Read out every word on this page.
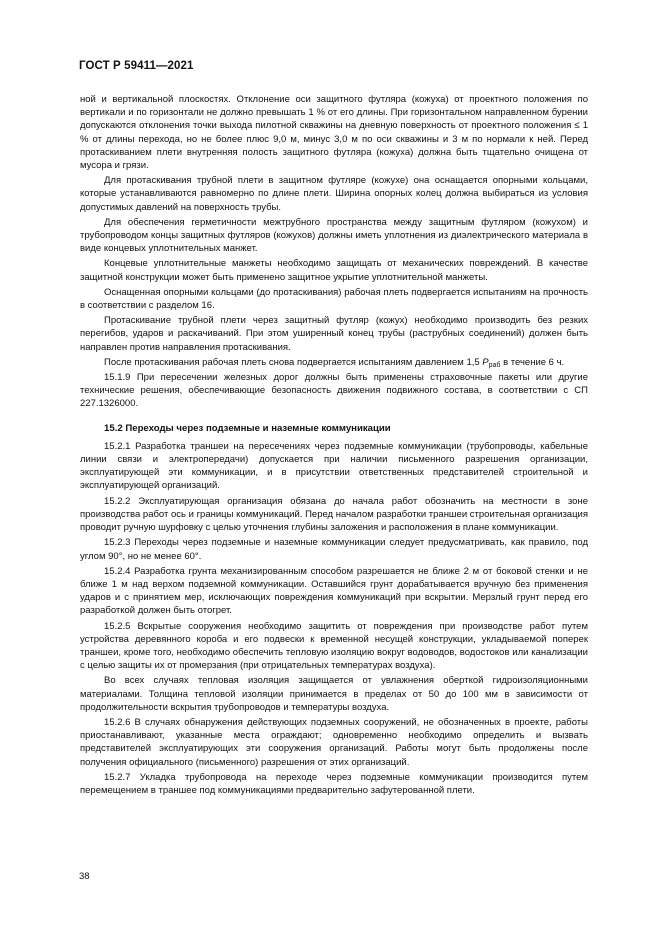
ГОСТ Р 59411—2021

ной и вертикальной плоскостях. Отклонение оси защитного футляра (кожуха) от проектного положения по вертикали и по горизонтали не должно превышать 1 % от его длины. При горизонтальном направленном бурении допускаются отклонения точки выхода пилотной скважины на дневную поверхность от проектного положения ≤ 1 % от длины перехода, но не более плюс 9,0 м, минус 3,0 м по оси скважины и 3 м по нормали к ней. Перед протаскиванием плети внутренняя полость защитного футляра (кожуха) должна быть тщательно очищена от мусора и грязи.

Для протаскивания трубной плети в защитном футляре (кожухе) она оснащается опорными кольцами, которые устанавливаются равномерно по длине плети. Ширина опорных колец должна выбираться из условия допустимых давлений на поверхность трубы.

Для обеспечения герметичности межтрубного пространства между защитным футляром (кожухом) и трубопроводом концы защитных футляров (кожухов) должны иметь уплотнения из диэлектрического материала в виде концевых уплотнительных манжет.

Концевые уплотнительные манжеты необходимо защищать от механических повреждений. В качестве защитной конструкции может быть применено защитное укрытие уплотнительной манжеты.

Оснащенная опорными кольцами (до протаскивания) рабочая плеть подвергается испытаниям на прочность в соответствии с разделом 16.

Протаскивание трубной плети через защитный футляр (кожух) необходимо производить без резких перегибов, ударов и раскачиваний. При этом уширенный конец трубы (раструбных соединений) должен быть направлен против направления протаскивания.

После протаскивания рабочая плеть снова подвергается испытаниям давлением 1,5 $P_{раб}$ в течение 6 ч.

15.1.9 При пересечении железных дорог должны быть применены страховочные пакеты или другие технические решения, обеспечивающие безопасность движения подвижного состава, в соответствии с СП 227.1326000.

15.2 Переходы через подземные и наземные коммуникации

15.2.1 Разработка траншеи на пересечениях через подземные коммуникации (трубопроводы, кабельные линии связи и электропередачи) допускается при наличии письменного разрешения организации, эксплуатирующей эти коммуникации, и в присутствии ответственных представителей строительной и эксплуатирующей организаций.

15.2.2 Эксплуатирующая организация обязана до начала работ обозначить на местности в зоне производства работ ось и границы коммуникаций. Перед началом разработки траншеи строительная организация проводит ручную шурфовку с целью уточнения глубины заложения и расположения в плане коммуникации.

15.2.3 Переходы через подземные и наземные коммуникации следует предусматривать, как правило, под углом 90°, но не менее 60°.

15.2.4 Разработка грунта механизированным способом разрешается не ближе 2 м от боковой стенки и не ближе 1 м над верхом подземной коммуникации. Оставшийся грунт дорабатывается вручную без применения ударов и с принятием мер, исключающих повреждения коммуникаций при вскрытии. Мерзлый грунт перед его разработкой должен быть отогрет.

15.2.5 Вскрытые сооружения необходимо защитить от повреждения при производстве работ путем устройства деревянного короба и его подвески к временной несущей конструкции, укладываемой поперек траншеи, кроме того, необходимо обеспечить тепловую изоляцию вокруг водоводов, водостоков или канализации с целью защиты их от промерзания (при отрицательных температурах воздуха).

Во всех случаях тепловая изоляция защищается от увлажнения оберткой гидроизоляционными материалами. Толщина тепловой изоляции принимается в пределах от 50 до 100 мм в зависимости от продолжительности вскрытия трубопроводов и температуры воздуха.

15.2.6 В случаях обнаружения действующих подземных сооружений, не обозначенных в проекте, работы приостанавливают, указанные места ограждают; одновременно необходимо определить и вызвать представителей эксплуатирующих эти сооружения организаций. Работы могут быть продолжены после получения официального (письменного) разрешения от этих организаций.

15.2.7 Укладка трубопровода на переходе через подземные коммуникации производится путем перемещением в траншее под коммуникациями предварительно зафутерованной плети.

38
